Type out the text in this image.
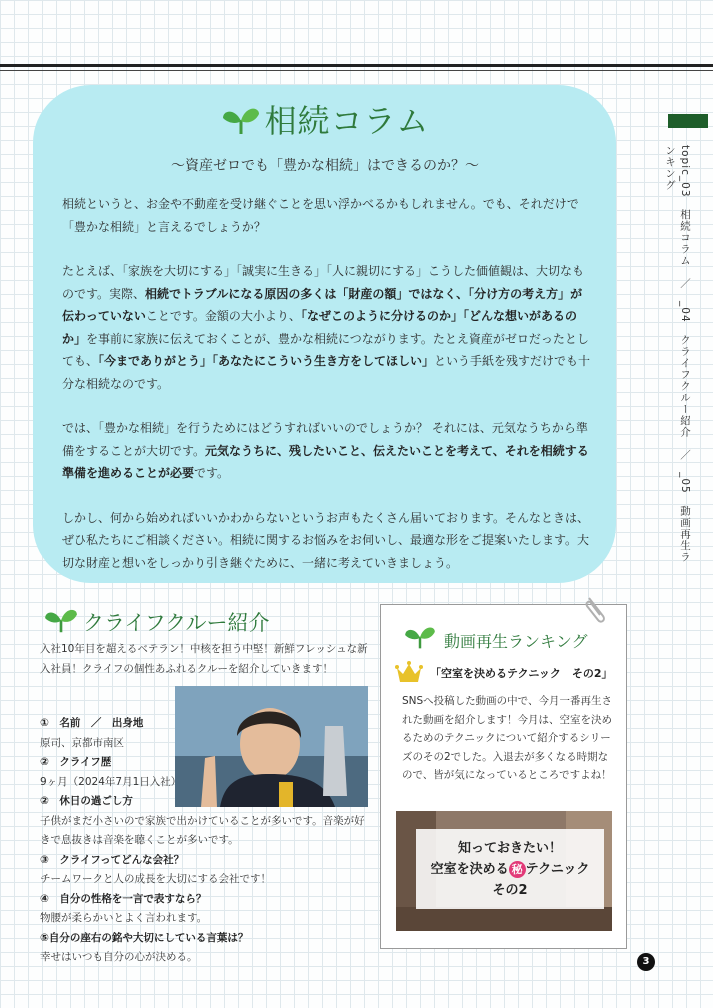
相続コラム
〜資産ゼロでも「豊かな相続」はできるのか？〜

相続というと、お金や不動産を受け継ぐことを思い浮かべるかもしれません。でも、それだけで「豊かな相続」と言えるでしょうか？

たとえば、「家族を大切にする」「誠実に生きる」「人に親切にする」こうした価値観は、大切なものです。実際、相続でトラブルになる原因の多くは「財産の額」ではなく、「分け方の考え方」が伝わっていないことです。金額の大小より、「なぜこのように分けるのか」「どんな想いがあるのか」を事前に家族に伝えておくことが、豊かな相続につながります。たとえ資産がゼロだったとしても、「今までありがとう」「あなたにこういう生き方をしてほしい」という手紙を残すだけでも十分な相続なのです。

では、「豊かな相続」を行うためにはどうすればいいのでしょうか？ それには、元気なうちから準備をすることが大切です。元気なうちに、残したいこと、伝えたいことを考えて、それを相続する準備を進めることが必要です。

しかし、何から始めればいいかわからないというお声もたくさん届いております。そんなときは、ぜひ私たちにご相談ください。相続に関するお悩みをお伺いし、最適な形をご提案いたします。大切な財産と想いをしっかり引き継ぐために、一緒に考えていきましょう。	topic_03　相続コラム　／　_04　クライフクルー紹介　／　_05　動画再生ランキング
クライフクルー紹介
入社10年目を超えるベテラン！中核を担う中堅！新鮮フレッシュな新入社員！クライフの個性あふれるクルーを紹介していきます！
①　名前　／　出身地
原司、京都市南区
②　クライフ歴
9ヶ月（2024年7月1日入社）
②　休日の過ごし方
子供がまだ小さいので家族で出かけていることが多いです。音楽が好きで息抜きは音楽を聴くことが多いです。
③　クライフってどんな会社？
チームワークと人の成長を大切にする会社です！
④　自分の性格を一言で表すなら？
物腰が柔らかいとよく言われます。
⑤自分の座右の銘や大切にしている言葉は？
幸せはいつも自分の心が決める。
動画再生ランキング
「空室を決めるテクニック　その2」
SNSへ投稿した動画の中で、今月一番再生された動画を紹介します！今月は、空室を決めるためのテクニックについて紹介するシリーズのその2でした。入退去が多くなる時期なので、皆が気になっているところですよね！
知っておきたい！
空室を決める 秘 テクニック
その2
3
